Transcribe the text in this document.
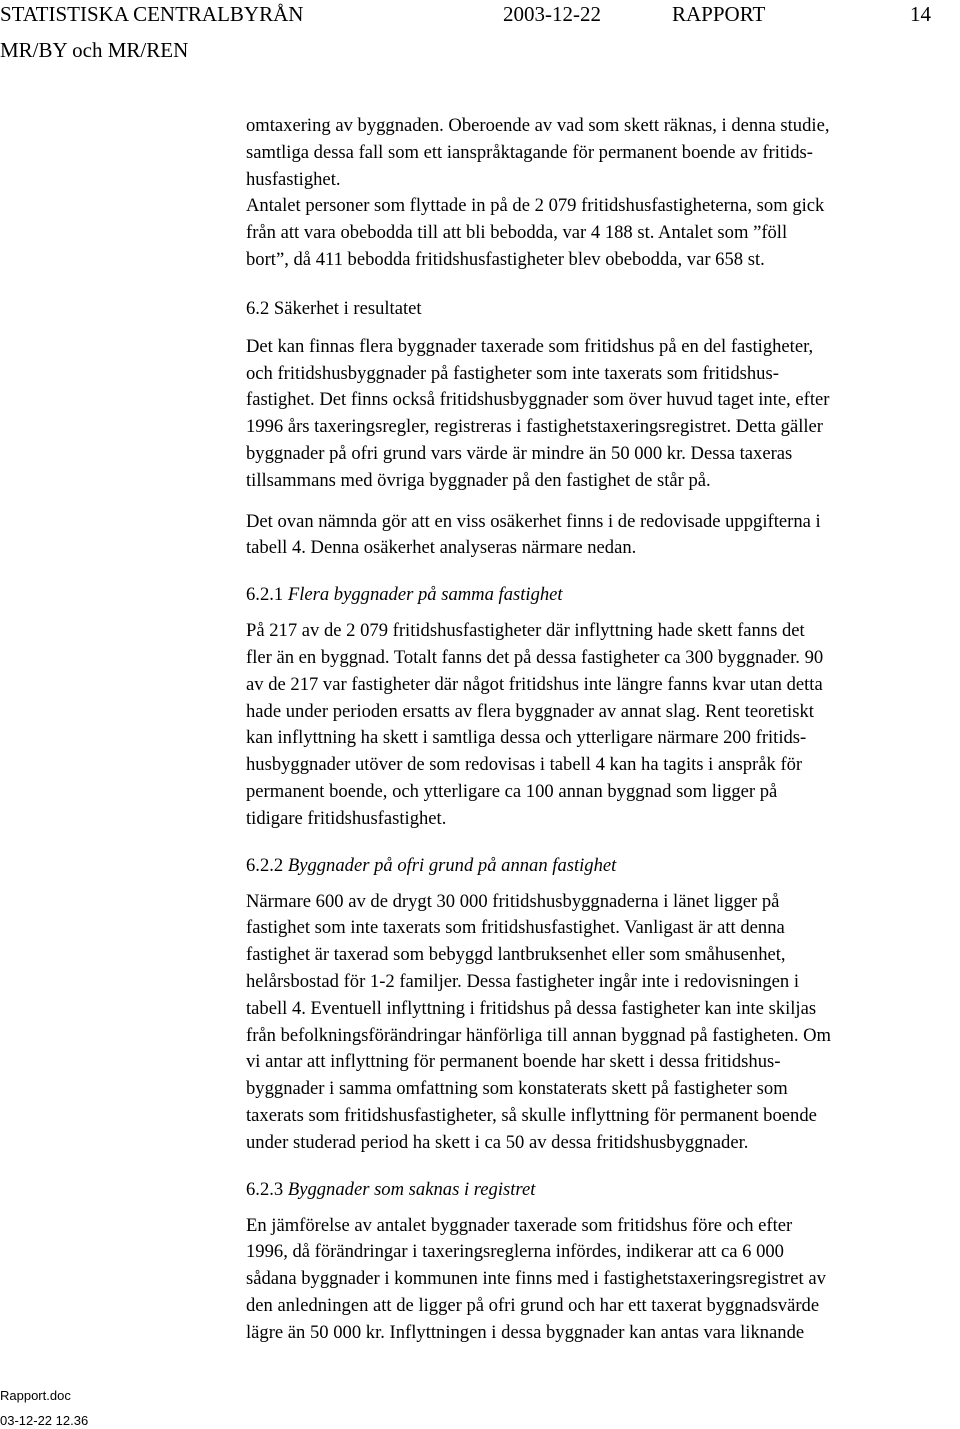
STATISTISKA CENTRALBYRÅN	2003-12-22	RAPPORT	14
MR/BY och MR/REN

omtaxering av byggnaden. Oberoende av vad som skett räknas, i denna studie,
samtliga dessa fall som ett ianspråktagande för permanent boende av fritids-
husfastighet.

Antalet personer som flyttade in på de 2 079 fritidshusfastigheterna, som gick
från att vara obebodda till att bli bebodda, var 4 188 st. Antalet som ”föll
bort”, då 411 bebodda fritidshusfastigheter blev obebodda, var 658 st.

6.2 Säkerhet i resultatet

Det kan finnas flera byggnader taxerade som fritidshus på en del fastigheter,
och fritidshusbyggnader på fastigheter som inte taxerats som fritidshus-
fastighet. Det finns också fritidshusbyggnader som över huvud taget inte, efter
1996 års taxeringsregler, registreras i fastighetstaxeringsregistret. Detta gäller
byggnader på ofri grund vars värde är mindre än 50 000 kr. Dessa taxeras
tillsammans med övriga byggnader på den fastighet de står på.

Det ovan nämnda gör att en viss osäkerhet finns i de redovisade uppgifterna i
tabell 4. Denna osäkerhet analyseras närmare nedan.

6.2.1 Flera byggnader på samma fastighet

På 217 av de 2 079 fritidshusfastigheter där inflyttning hade skett fanns det
fler än en byggnad. Totalt fanns det på dessa fastigheter ca 300 byggnader. 90
av de 217 var fastigheter där något fritidshus inte längre fanns kvar utan detta
hade under perioden ersatts av flera byggnader av annat slag. Rent teoretiskt
kan inflyttning ha skett i samtliga dessa och ytterligare närmare 200 fritids-
husbyggnader utöver de som redovisas i tabell 4 kan ha tagits i anspråk för
permanent boende, och ytterligare ca 100 annan byggnad som ligger på
tidigare fritidshusfastighet.

6.2.2 Byggnader på ofri grund på annan fastighet

Närmare 600 av de drygt 30 000 fritidshusbyggnaderna i länet ligger på
fastighet som inte taxerats som fritidshusfastighet. Vanligast är att denna
fastighet är taxerad som bebyggd lantbruksenhet eller som småhusenhet,
helårsbostad för 1-2 familjer. Dessa fastigheter ingår inte i redovisningen i
tabell 4. Eventuell inflyttning i fritidshus på dessa fastigheter kan inte skiljas
från befolkningsförändringar hänförliga till annan byggnad på fastigheten. Om
vi antar att inflyttning för permanent boende har skett i dessa fritidshus-
byggnader i samma omfattning som konstaterats skett på fastigheter som
taxerats som fritidshusfastigheter, så skulle inflyttning för permanent boende
under studerad period ha skett i ca 50 av dessa fritidshusbyggnader.

6.2.3 Byggnader som saknas i registret

En jämförelse av antalet byggnader taxerade som fritidshus före och efter
1996, då förändringar i taxeringsreglerna infördes, indikerar att ca 6 000
sådana byggnader i kommunen inte finns med i fastighetstaxeringsregistret av
den anledningen att de ligger på ofri grund och har ett taxerat byggnadsvärde
lägre än 50 000 kr. Inflyttningen i dessa byggnader kan antas vara liknande

Rapport.doc
03-12-22 12.36
